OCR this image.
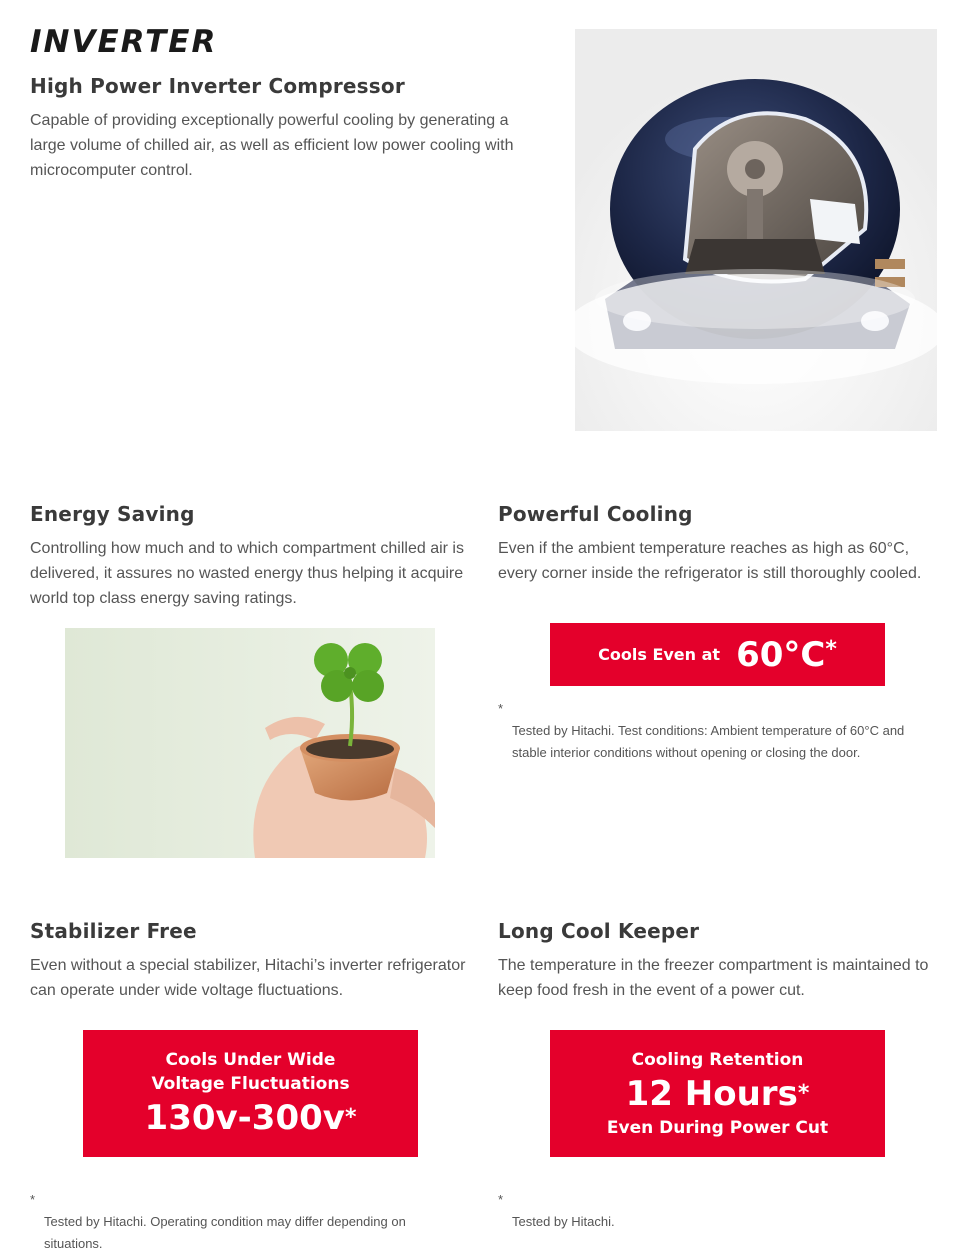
INVERTER
High Power Inverter Compressor

Capable of providing exceptionally powerful cooling by generating a large volume of chilled air, as well as efficient low power cooling with microcomputer control.

Energy Saving

Controlling how much and to which compartment chilled air is delivered, it assures no wasted energy thus helping it acquire world top class energy saving ratings.

Powerful Cooling

Even if the ambient temperature reaches as high as 60°C, every corner inside the refrigerator is still thoroughly cooled.

Cools Even at 60°C *
*

Tested by Hitachi. Test conditions: Ambient temperature of 60°C and stable interior conditions without opening or closing the door.

Stabilizer Free

Even without a special stabilizer, Hitachi’s inverter refrigerator can operate under wide voltage fluctuations.

Cools Under Wide
Voltage Fluctuations
130v-300v*
*

Tested by Hitachi. Operating condition may differ depending on situations.

Long Cool Keeper

The temperature in the freezer compartment is maintained to keep food fresh in the event of a power cut.

Cooling Retention
12 Hours*
Even During Power Cut
*

Tested by Hitachi.
